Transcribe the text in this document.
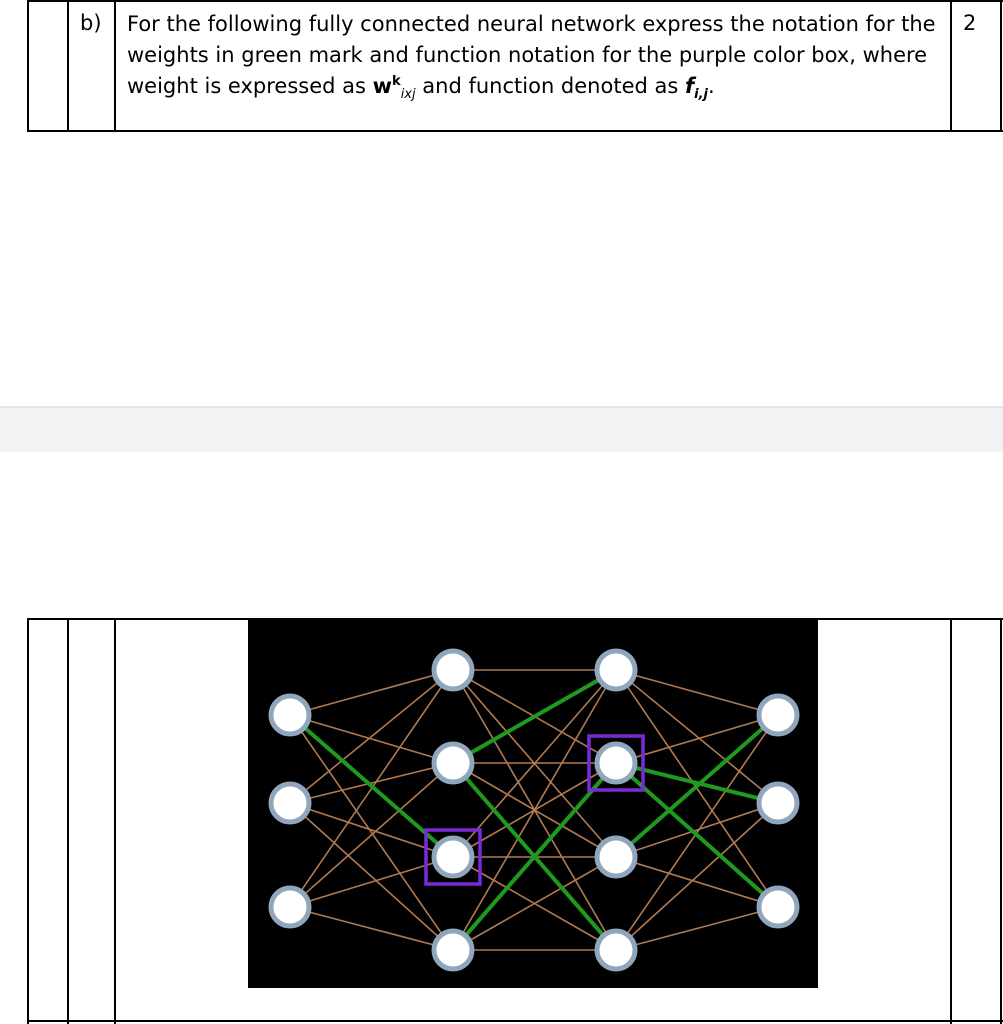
b) For the following fully connected neural network express the notation for the weights in green mark and function notation for the purple color box, where weight is expressed as $w^k_{ixj}$ and function denoted as $f_{i,j}$.
2
